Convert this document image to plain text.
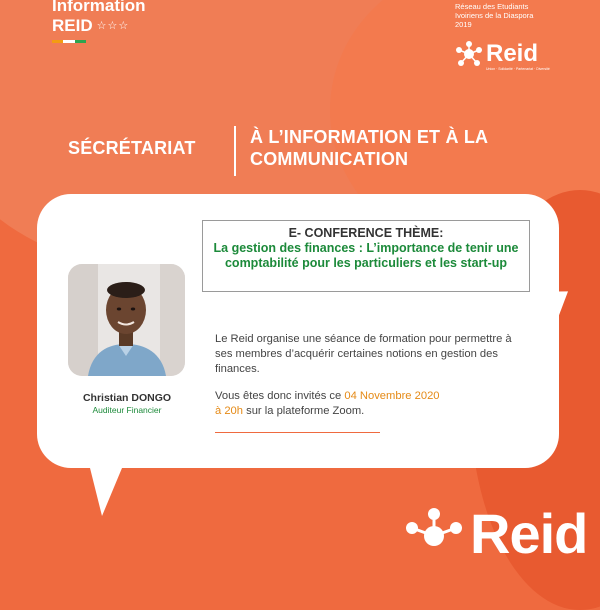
Information
REID ☆☆☆
Réseau des Etudiants
Ivoiriens de la Diaspora
2019
Reid
Union · Solidarité · Partenariat · Diversité
SÉCRÉTARIAT
À L’INFORMATION ET À LA
COMMUNICATION
E- CONFERENCE THÈME:
La gestion des finances : L’importance de tenir une comptabilité pour les particuliers et les start-up
Christian DONGO
Auditeur Financier
Le Reid organise une séance de formation pour permettre à ses membres d’acquérir certaines notions en gestion des finances.
Vous êtes donc invités ce 04 Novembre 2020
à 20h sur la plateforme Zoom.
Reid
